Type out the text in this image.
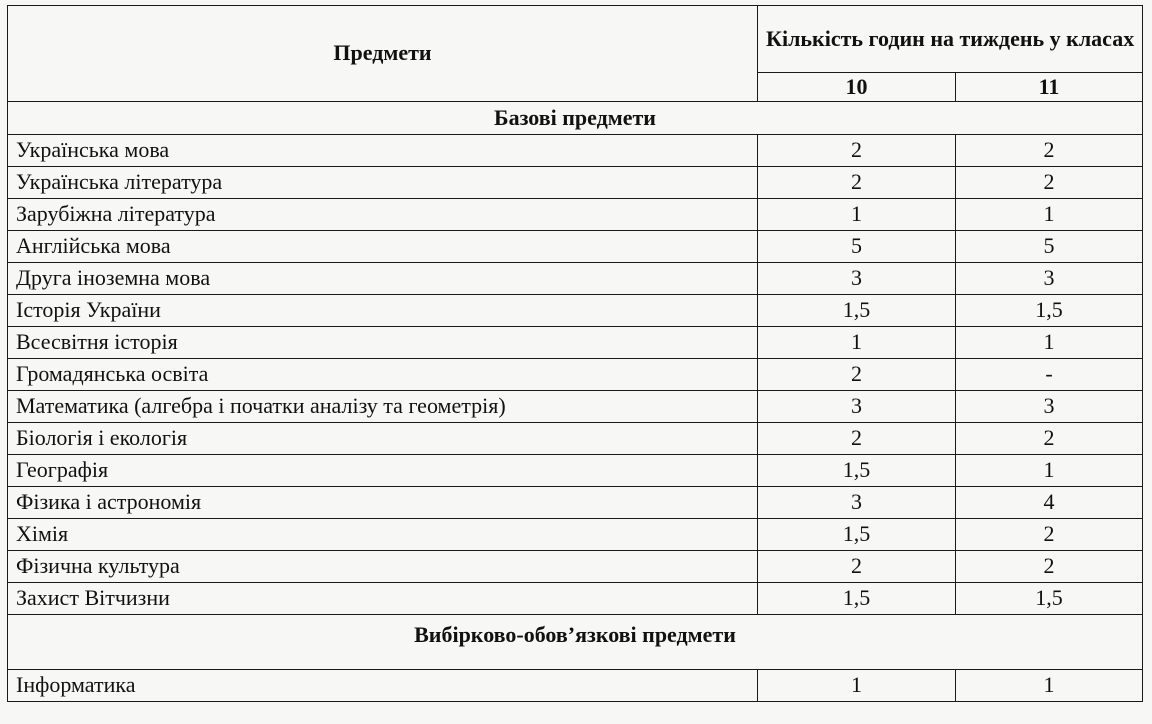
Предмети	Кількість годин на тиждень у класах	
	10	11
Базові предмети		
Українська мова	2	2
Українська література	2	2
Зарубіжна література	1	1
Англійська мова	5	5
Друга іноземна мова	3	3
Історія України	1,5	1,5
Всесвітня історія	1	1
Громадянська освіта	2	-
Математика (алгебра і початки аналізу та геометрія)	3	3
Біологія і екологія	2	2
Географія	1,5	1
Фізика і астрономія	3	4
Хімія	1,5	2
Фізична культура	2	2
Захист Вітчизни	1,5	1,5
Вибірково-обов’язкові предмети		
Інформатика	1	1
